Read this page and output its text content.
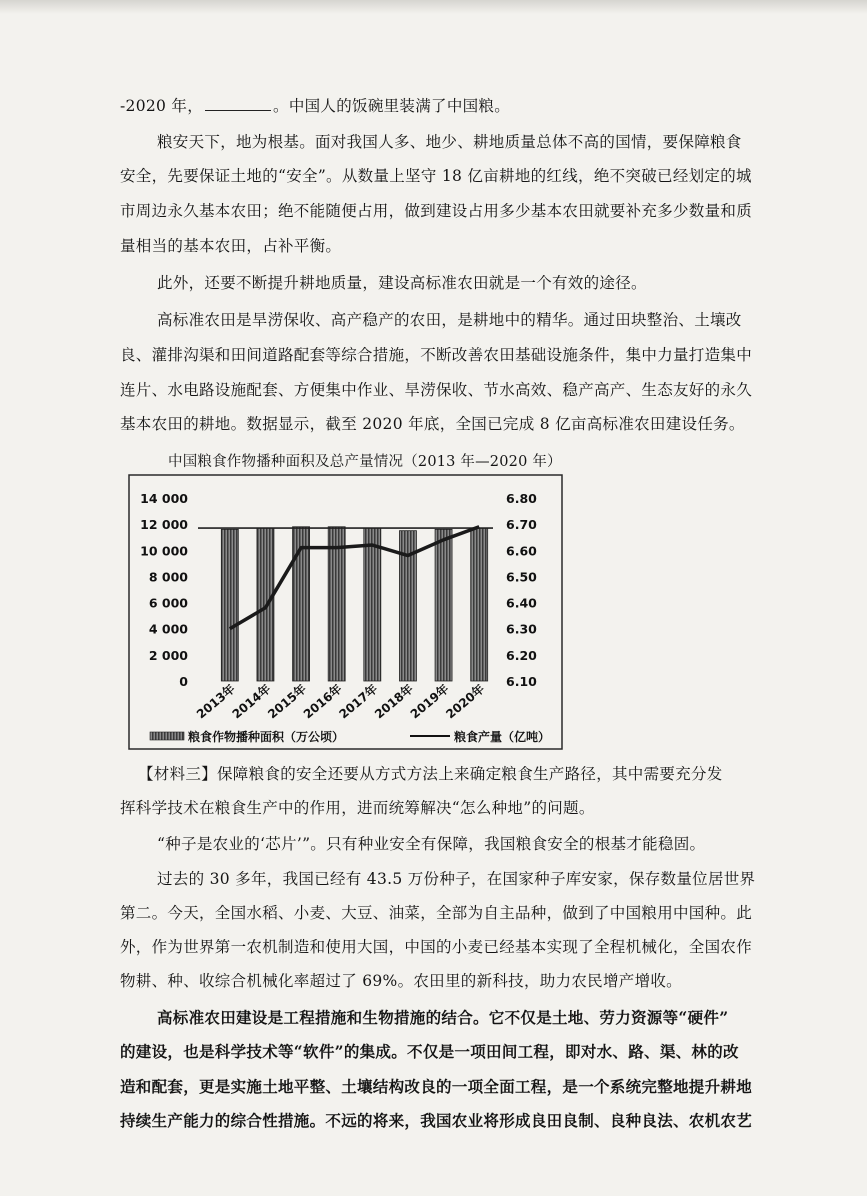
-2020 年，	。中国人的饭碗里装满了中国粮。
粮安天下，地为根基。面对我国人多、地少、耕地质量总体不高的国情，要保障粮食
安全，先要保证土地的“安全”。从数量上坚守 18 亿亩耕地的红线，绝不突破已经划定的城
市周边永久基本农田；绝不能随便占用，做到建设占用多少基本农田就要补充多少数量和质
量相当的基本农田，占补平衡。
此外，还要不断提升耕地质量，建设高标准农田就是一个有效的途径。
高标准农田是旱涝保收、高产稳产的农田，是耕地中的精华。通过田块整治、土壤改
良、灌排沟渠和田间道路配套等综合措施，不断改善农田基础设施条件，集中力量打造集中
连片、水电路设施配套、方便集中作业、旱涝保收、节水高效、稳产高产、生态友好的永久
基本农田的耕地。数据显示，截至 2020 年底，全国已完成 8 亿亩高标准农田建设任务。
中国粮食作物播种面积及总产量情况（2013 年—2020 年）
14 000
12 000
10 000
8 000
6 000
4 000
2 000
0
6.80
6.70
6.60
6.50
6.40
6.30
6.20
6.10
2013年
2014年
2015年
2016年
2017年
2018年
2019年
2020年
粮食作物播种面积（万公顷）	粮食产量（亿吨）
【材料三】保障粮食的安全还要从方式方法上来确定粮食生产路径，其中需要充分发
挥科学技术在粮食生产中的作用，进而统筹解决“怎么种地”的问题。
“种子是农业的‘芯片’”。只有种业安全有保障，我国粮食安全的根基才能稳固。
过去的 30 多年，我国已经有 43.5 万份种子，在国家种子库安家，保存数量位居世界
第二。今天，全国水稻、小麦、大豆、油菜，全部为自主品种，做到了中国粮用中国种。此
外，作为世界第一农机制造和使用大国，中国的小麦已经基本实现了全程机械化，全国农作
物耕、种、收综合机械化率超过了 69%。农田里的新科技，助力农民增产增收。
高标准农田建设是工程措施和生物措施的结合。它不仅是土地、劳力资源等“硬件”
的建设，也是科学技术等“软件”的集成。不仅是一项田间工程，即对水、路、渠、林的改
造和配套，更是实施土地平整、土壤结构改良的一项全面工程，是一个系统完整地提升耕地
持续生产能力的综合性措施。不远的将来，我国农业将形成良田良制、良种良法、农机农艺
